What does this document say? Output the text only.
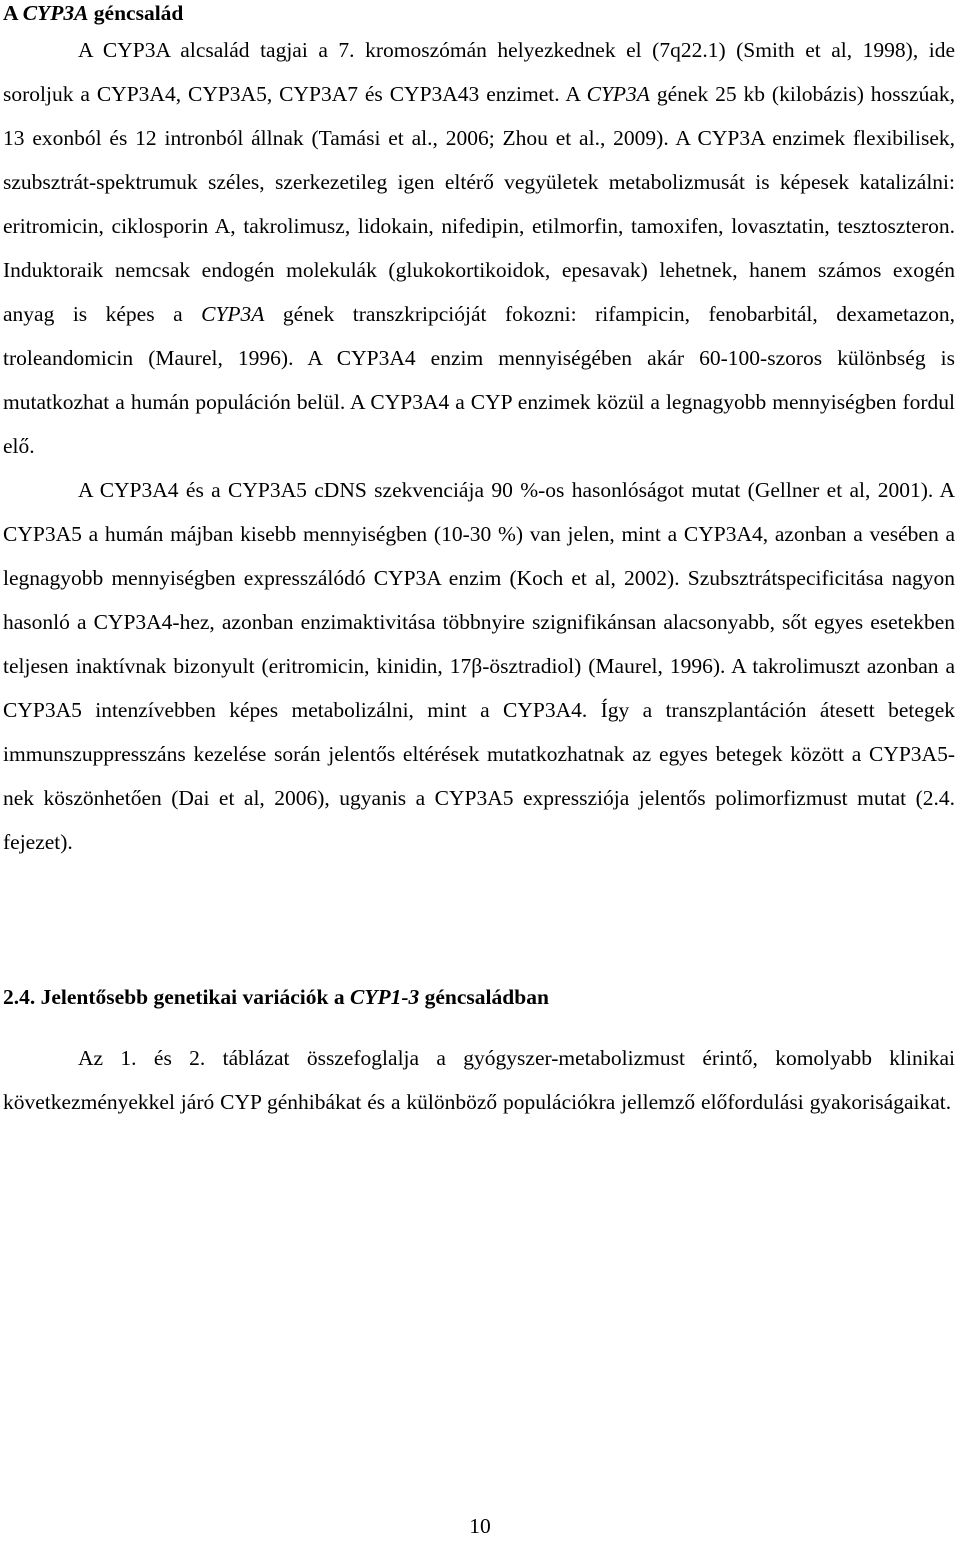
A CYP3A géncsalád

A CYP3A alcsalád tagjai a 7. kromoszómán helyezkednek el (7q22.1) (Smith et al, 1998), ide soroljuk a CYP3A4, CYP3A5, CYP3A7 és CYP3A43 enzimet. A CYP3A gének 25 kb (kilobázis) hosszúak, 13 exonból és 12 intronból állnak (Tamási et al., 2006; Zhou et al., 2009). A CYP3A enzimek flexibilisek, szubsztrát-spektrumuk széles, szerkezetileg igen eltérő vegyületek metabolizmusát is képesek katalizálni: eritromicin, ciklosporin A, takrolimusz, lidokain, nifedipin, etilmorfin, tamoxifen, lovasztatin, tesztoszteron. Induktoraik nemcsak endogén molekulák (glukokortikoidok, epesavak) lehetnek, hanem számos exogén anyag is képes a CYP3A gének transzkripcióját fokozni: rifampicin, fenobarbitál, dexametazon, troleandomicin (Maurel, 1996). A CYP3A4 enzim mennyiségében akár 60-100-szoros különbség is mutatkozhat a humán populáción belül. A CYP3A4 a CYP enzimek közül a legnagyobb mennyiségben fordul elő.

A CYP3A4 és a CYP3A5 cDNS szekvenciája 90 %-os hasonlóságot mutat (Gellner et al, 2001). A CYP3A5 a humán májban kisebb mennyiségben (10-30 %) van jelen, mint a CYP3A4, azonban a vesében a legnagyobb mennyiségben expresszálódó CYP3A enzim (Koch et al, 2002). Szubsztrátspecificitása nagyon hasonló a CYP3A4-hez, azonban enzimaktivitása többnyire szignifikánsan alacsonyabb, sőt egyes esetekben teljesen inaktívnak bizonyult (eritromicin, kinidin, 17β-ösztradiol) (Maurel, 1996). A takrolimuszt azonban a CYP3A5 intenzívebben képes metabolizálni, mint a CYP3A4. Így a transzplantáción átesett betegek immunszuppresszáns kezelése során jelentős eltérések mutatkozhatnak az egyes betegek között a CYP3A5-nek köszönhetően (Dai et al, 2006), ugyanis a CYP3A5 expressziója jelentős polimorfizmust mutat (2.4. fejezet).

2.4. Jelentősebb genetikai variációk a CYP1-3 géncsaládban

Az 1. és 2. táblázat összefoglalja a gyógyszer-metabolizmust érintő, komolyabb klinikai következményekkel járó CYP génhibákat és a különböző populációkra jellemző előfordulási gyakoriságaikat.

10
